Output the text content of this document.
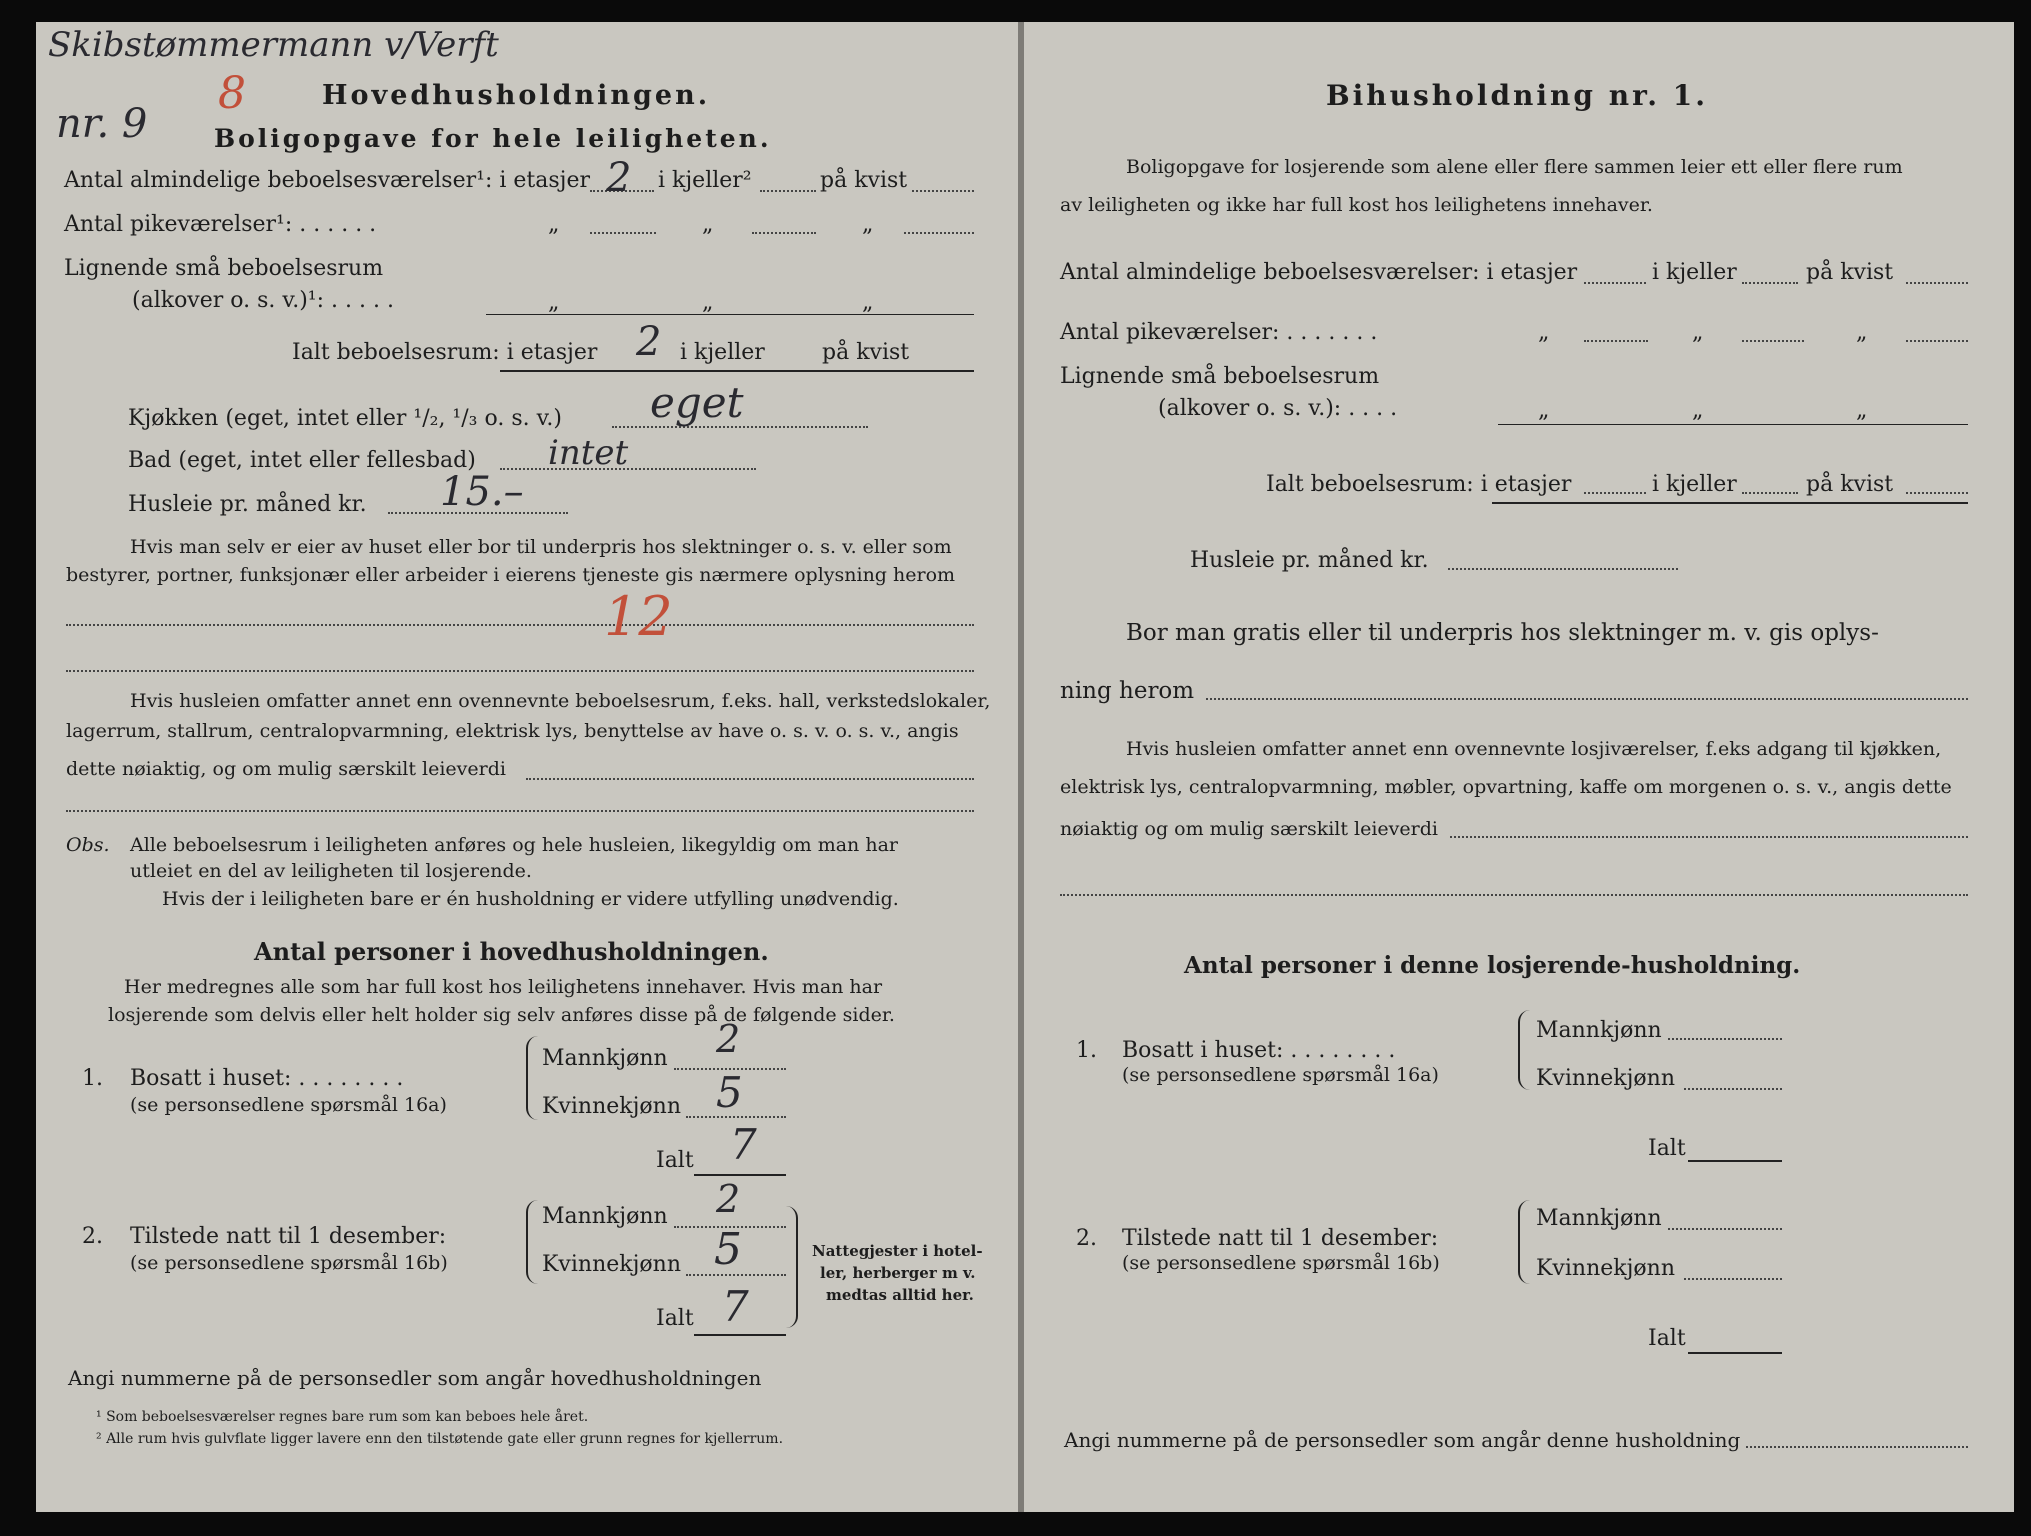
Skibstømmermann v/Verft
nr. 9
8	Hovedhusholdningen.
Boligopgave for hele leiligheten.
Antal almindelige beboelsesværelser¹: i etasjer 2 i kjeller²	på kvist
Antal pikeværelser¹: . . . . . .	„	„	„
Lignende små beboelsesrum
(alkover o. s. v.)¹: . . . . .	„	„	„
Ialt beboelsesrum: i etasjer 2 i kjeller	på kvist
Kjøkken (eget, intet eller ¹/₂, ¹/₃ o. s. v.) eget
Bad (eget, intet eller fellesbad) intet
Husleie pr. måned kr. 15.–
Hvis man selv er eier av huset eller bor til underpris hos slektninger o. s. v. eller som
bestyrer, portner, funksjonær eller arbeider i eierens tjeneste gis nærmere oplysning herom
12
Hvis husleien omfatter annet enn ovennevnte beboelsesrum, f.eks. hall, verkstedslokaler,
lagerrum, stallrum, centralopvarmning, elektrisk lys, benyttelse av have o. s. v. o. s. v., angis
dette nøiaktig, og om mulig særskilt leieverdi
Obs. Alle beboelsesrum i leiligheten anføres og hele husleien, likegyldig om man har
utleiet en del av leiligheten til losjerende.
Hvis der i leiligheten bare er én husholdning er videre utfylling unødvendig.
Antal personer i hovedhusholdningen.
Her medregnes alle som har full kost hos leilighetens innehaver. Hvis man har
losjerende som delvis eller helt holder sig selv anføres disse på de følgende sider.
1. Bosatt i huset: . . . . . . . .
(se personsedlene spørsmål 16a)
Mannkjønn 2
Kvinnekjønn 5
Ialt 7
2. Tilstede natt til 1 desember:
(se personsedlene spørsmål 16b)
Mannkjønn 2
Kvinnekjønn 5
Ialt 7
Nattegjester i hotel-
ler, herberger m v.
medtas alltid her.
Angi nummerne på de personsedler som angår hovedhusholdningen
¹ Som beboelsesværelser regnes bare rum som kan beboes hele året.
² Alle rum hvis gulvflate ligger lavere enn den tilstøtende gate eller grunn regnes for kjellerrum.
Bihusholdning nr. 1.
Boligopgave for losjerende som alene eller flere sammen leier ett eller flere rum
av leiligheten og ikke har full kost hos leilighetens innehaver.
Antal almindelige beboelsesværelser: i etasjer	i kjeller	på kvist
Antal pikeværelser: . . . . . . .	„	„	„
Lignende små beboelsesrum
(alkover o. s. v.): . . . .	„	„	„
Ialt beboelsesrum: i etasjer	i kjeller	på kvist
Husleie pr. måned kr.
Bor man gratis eller til underpris hos slektninger m. v. gis oplys-
ning herom
Hvis husleien omfatter annet enn ovennevnte losjiværelser, f.eks adgang til kjøkken,
elektrisk lys, centralopvarmning, møbler, opvartning, kaffe om morgenen o. s. v., angis dette
nøiaktig og om mulig særskilt leieverdi
Antal personer i denne losjerende-husholdning.
1. Bosatt i huset: . . . . . . . .
(se personsedlene spørsmål 16a)
Mannkjønn
Kvinnekjønn
Ialt
2. Tilstede natt til 1 desember:
(se personsedlene spørsmål 16b)
Mannkjønn
Kvinnekjønn
Ialt
Angi nummerne på de personsedler som angår denne husholdning
